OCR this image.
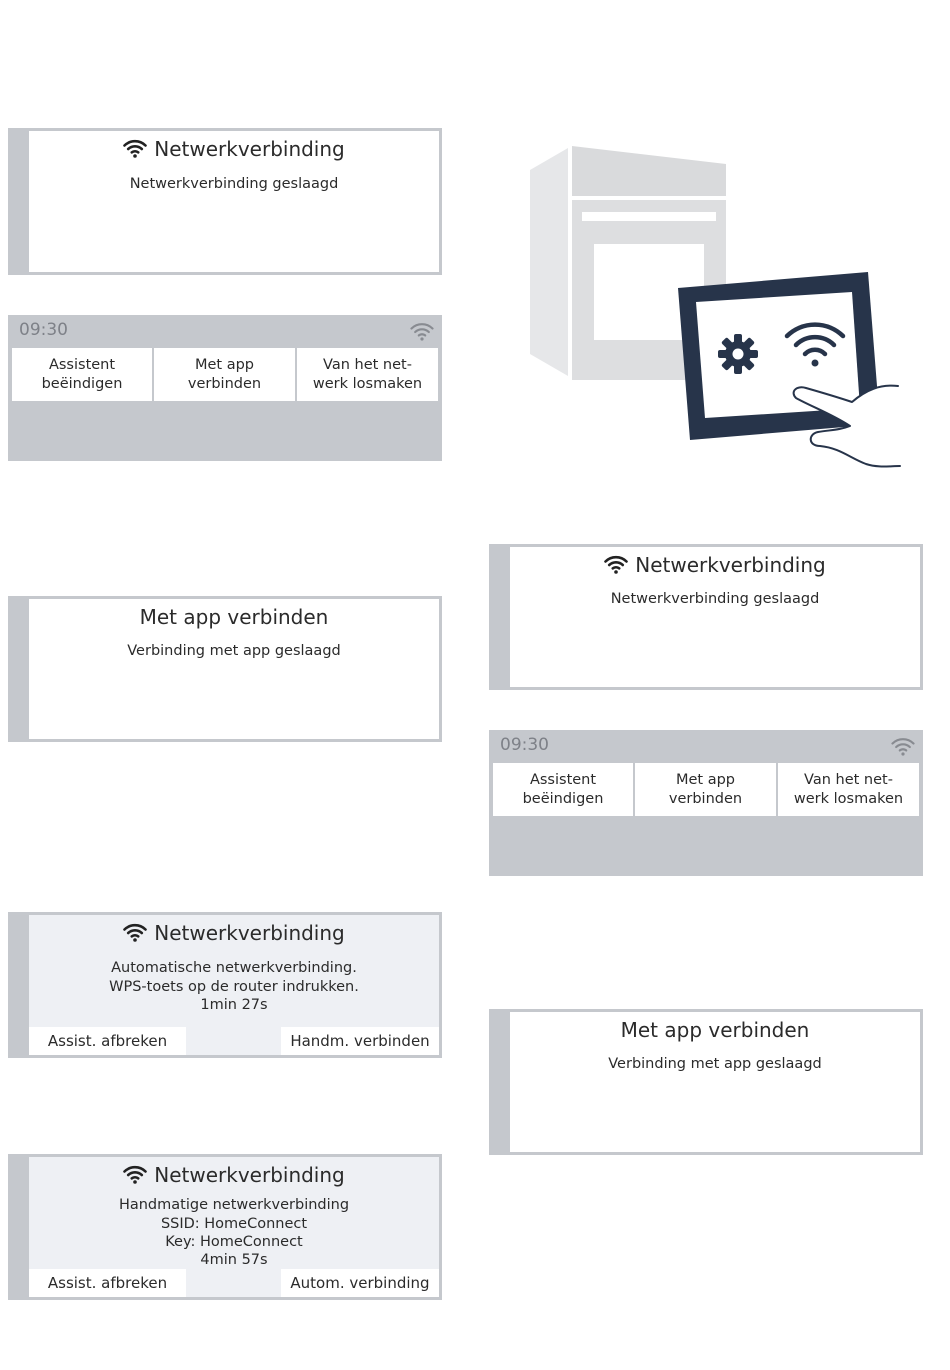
Netwerkverbinding
Netwerkverbinding geslaagd
09:30
Assistent
beëindigen
Met app
verbinden
Van het net-
werk losmaken
Met app verbinden
Verbinding met app geslaagd
Netwerkverbinding
Automatische netwerkverbinding.
WPS-toets op de router indrukken.
1min 27s
Assist. afbreken	Handm. verbinden
Netwerkverbinding
Handmatige netwerkverbinding
SSID: HomeConnect
Key: HomeConnect
4min 57s
Assist. afbreken	Autom. verbinding
Netwerkverbinding
Netwerkverbinding geslaagd
09:30
Assistent
beëindigen
Met app
verbinden
Van het net-
werk losmaken
Met app verbinden
Verbinding met app geslaagd
